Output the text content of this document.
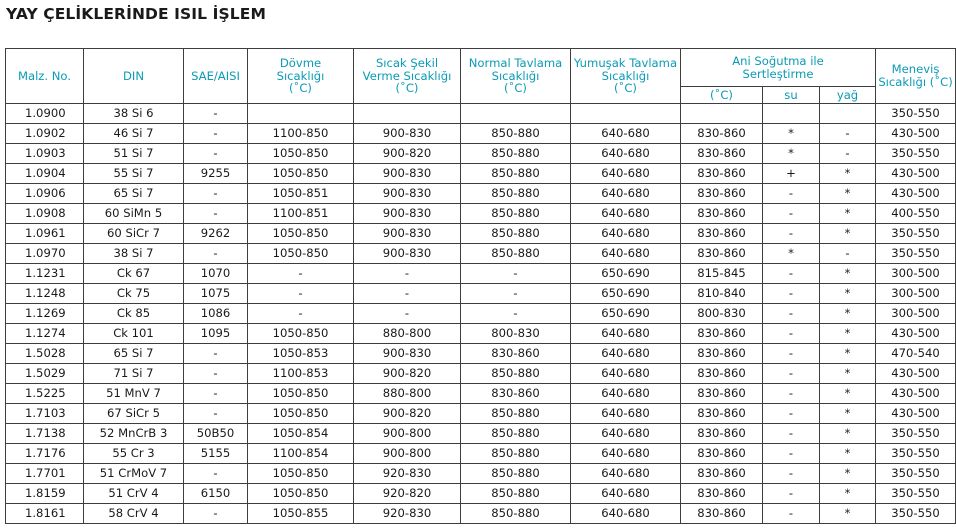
YAY ÇELİKLERİNDE ISIL İŞLEM
Malz. No.	DIN	SAE/AISI	Dövme
Sıcaklığı
(˚C)	Sıcak Şekil
Verme Sıcaklığı
(˚C)	Normal Tavlama
Sıcaklığı
(˚C)	Yumuşak Tavlama
Sıcaklığı
(˚C)	Ani Soğutma ile
Sertleştirme			Meneviş
Sıcaklığı (˚C)

							(˚C)	su	yağ	
1.0900	38 Si 6	-								350-550
1.0902	46 Si 7	-	1100-850	900-830	850-880	640-680	830-860	*	-	430-500
1.0903	51 Si 7	-	1050-850	900-820	850-880	640-680	830-860	*	-	350-550
1.0904	55 Si 7	9255	1050-850	900-830	850-880	640-680	830-860	+	*	430-500
1.0906	65 Si 7	-	1050-851	900-830	850-880	640-680	830-860	-	*	430-500
1.0908	60 SiMn 5	-	1100-851	900-830	850-880	640-680	830-860	-	*	400-550
1.0961	60 SiCr 7	9262	1050-850	900-830	850-880	640-680	830-860	-	*	350-550
1.0970	38 Si 7	-	1050-850	900-830	850-880	640-680	830-860	*	-	350-550
1.1231	Ck 67	1070	-	-	-	650-690	815-845	-	*	300-500
1.1248	Ck 75	1075	-	-	-	650-690	810-840	-	*	300-500
1.1269	Ck 85	1086	-	-	-	650-690	800-830	-	*	300-500
1.1274	Ck 101	1095	1050-850	880-800	800-830	640-680	830-860	-	*	430-500
1.5028	65 Si 7	-	1050-853	900-830	830-860	640-680	830-860	-	*	470-540
1.5029	71 Si 7	-	1100-853	900-820	850-880	640-680	830-860	-	*	430-500
1.5225	51 MnV 7	-	1050-850	880-800	830-860	640-680	830-860	-	*	430-500
1.7103	67 SiCr 5	-	1050-850	900-820	850-880	640-680	830-860	-	*	430-500
1.7138	52 MnCrB 3	50B50	1050-854	900-800	850-880	640-680	830-860	-	*	350-550
1.7176	55 Cr 3	5155	1100-854	900-800	850-880	640-680	830-860	-	*	350-550
1.7701	51 CrMoV 7	-	1050-850	920-830	850-880	640-680	830-860	-	*	350-550
1.8159	51 CrV 4	6150	1050-850	920-820	850-880	640-680	830-860	-	*	350-550
1.8161	58 CrV 4	-	1050-855	920-830	850-880	640-680	830-860	-	*	350-550
